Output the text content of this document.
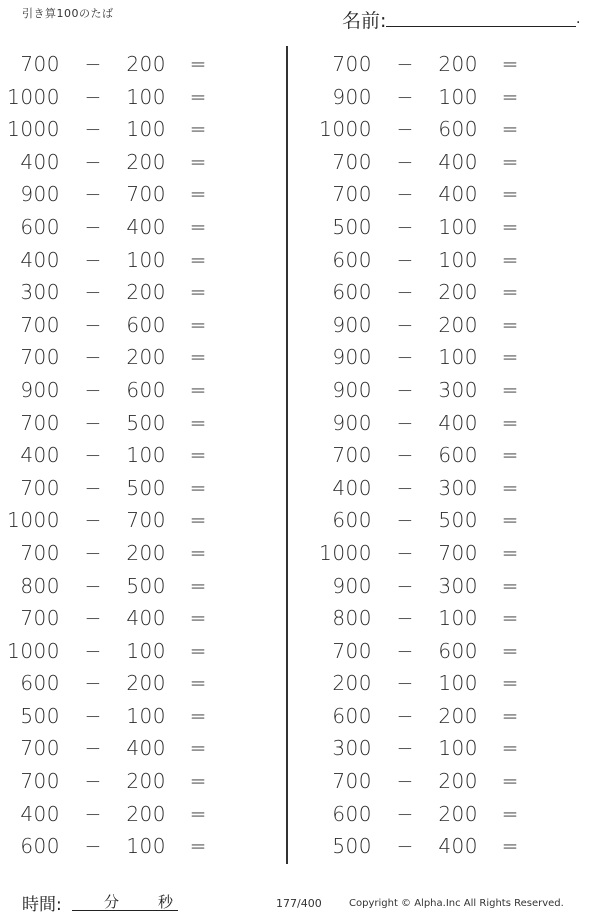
引き算100のたば	名前:	.
700 − 200 =
1000 − 100 =
1000 − 100 =
400 − 200 =
900 − 700 =
600 − 400 =
400 − 100 =
300 − 200 =
700 − 600 =
700 − 200 =
900 − 600 =
700 − 500 =
400 − 100 =
700 − 500 =
1000 − 700 =
700 − 200 =
800 − 500 =
700 − 400 =
1000 − 100 =
600 − 200 =
500 − 100 =
700 − 400 =
700 − 200 =
400 − 200 =
600 − 100 =
700 − 200 =
900 − 100 =
1000 − 600 =
700 − 400 =
700 − 400 =
500 − 100 =
600 − 100 =
600 − 200 =
900 − 200 =
900 − 100 =
900 − 300 =
900 − 400 =
700 − 600 =
400 − 300 =
600 − 500 =
1000 − 700 =
900 − 300 =
800 − 100 =
700 − 600 =
200 − 100 =
600 − 200 =
300 − 100 =
700 − 200 =
600 − 200 =
500 − 400 =
時間:	分	秒	177/400	Copyright © Alpha.Inc All Rights Reserved.
